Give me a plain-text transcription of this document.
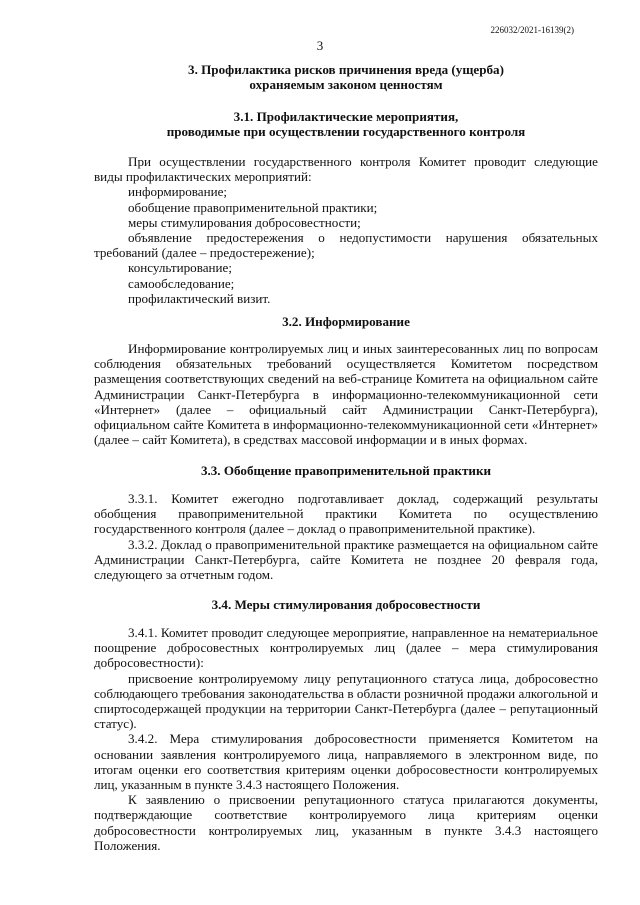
226032/2021-16139(2)
3
3. Профилактика рисков причинения вреда (ущерба)
охраняемым законом ценностям
3.1. Профилактические мероприятия,
проводимые при осуществлении государственного контроля

При осуществлении государственного контроля Комитет проводит следующие виды профилактических мероприятий:

информирование;

обобщение правоприменительной практики;

меры стимулирования добросовестности;

объявление предостережения о недопустимости нарушения обязательных требований (далее – предостережение);

консультирование;

самообследование;

профилактический визит.

3.2. Информирование

Информирование контролируемых лиц и иных заинтересованных лиц по вопросам соблюдения обязательных требований осуществляется Комитетом посредством размещения соответствующих сведений на веб-странице Комитета на официальном сайте Администрации Санкт-Петербурга в информационно-телекоммуникационной сети «Интернет» (далее – официальный сайт Администрации Санкт-Петербурга), официальном сайте Комитета в информационно-телекоммуникационной сети «Интернет» (далее – сайт Комитета), в средствах массовой информации и в иных формах.

3.3. Обобщение правоприменительной практики

3.3.1. Комитет ежегодно подготавливает доклад, содержащий результаты обобщения правоприменительной практики Комитета по осуществлению государственного контроля (далее – доклад о правоприменительной практике).

3.3.2. Доклад о правоприменительной практике размещается на официальном сайте Администрации Санкт-Петербурга, сайте Комитета не позднее 20 февраля года, следующего за отчетным годом.

3.4. Меры стимулирования добросовестности

3.4.1. Комитет проводит следующее мероприятие, направленное на нематериальное поощрение добросовестных контролируемых лиц (далее – мера стимулирования добросовестности):

присвоение контролируемому лицу репутационного статуса лица, добросовестно соблюдающего требования законодательства в области розничной продажи алкогольной и спиртосодержащей продукции на территории Санкт-Петербурга (далее – репутационный статус).

3.4.2. Мера стимулирования добросовестности применяется Комитетом на основании заявления контролируемого лица, направляемого в электронном виде, по итогам оценки его соответствия критериям оценки добросовестности контролируемых лиц, указанным в пункте 3.4.3 настоящего Положения.

К заявлению о присвоении репутационного статуса прилагаются документы, подтверждающие соответствие контролируемого лица критериям оценки добросовестности контролируемых лиц, указанным в пункте 3.4.3 настоящего Положения.
